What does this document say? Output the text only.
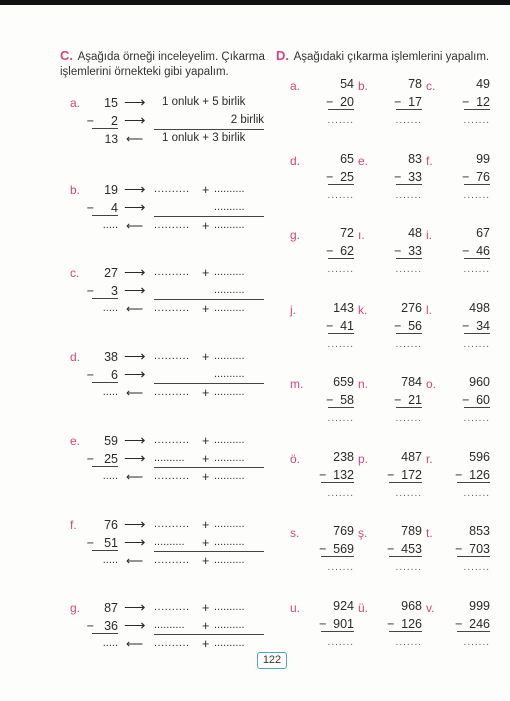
C. Aşağıda örneği inceleyelim. Çıkarma işlemlerini örnekteki gibi yapalım.
a.	15 ⟶ 1 onluk + 5 birlik
−	2 ⟶	2 birlik
13 ⟵	1 onluk + 3 birlik
b.	19 ⟶ .......... + ..........
−	4 ⟶	..........
..... ⟵ .......... + ..........
c.	27 ⟶ .......... + ..........
−	3 ⟶	..........
..... ⟵ .......... + ..........
d.	38 ⟶ .......... + ..........
−	6 ⟶	..........
..... ⟵ .......... + ..........
e.	59 ⟶ .......... + ..........
− 25 ⟶ .......... + ..........
..... ⟵ .......... + ..........
f.	76 ⟶ .......... + ..........
− 51 ⟶ .......... + ..........
..... ⟵ .......... + ..........
g.	87 ⟶ .......... + ..........
− 36 ⟶ .......... + ..........
..... ⟵ .......... + ..........
D. Aşağıdaki çıkarma işlemlerini yapalım.
a.	54
− 20
.......
b.	78
− 17
.......
c.	49
− 12
.......
d.	65
− 25
.......
e.	83
− 33
.......
f.	99
− 76
.......
g.	72
− 62
.......
ı.	48
− 33
.......
i.	67
− 46
.......
j.	143
− 41
.......
k.	276
− 56
.......
l.	498
− 34
.......
m. 659
− 58
.......
n.	784
− 21
.......
o.	960
− 60
.......
ö.	238
− 132
.......
p.	487
− 172
.......
r.	596
− 126
.......
s.	769
− 569
.......
ş.	789
− 453
.......
t.	853
− 703
.......
u.	924
− 901
.......
ü.	968
− 126
.......
v.	999
− 246
.......
122
